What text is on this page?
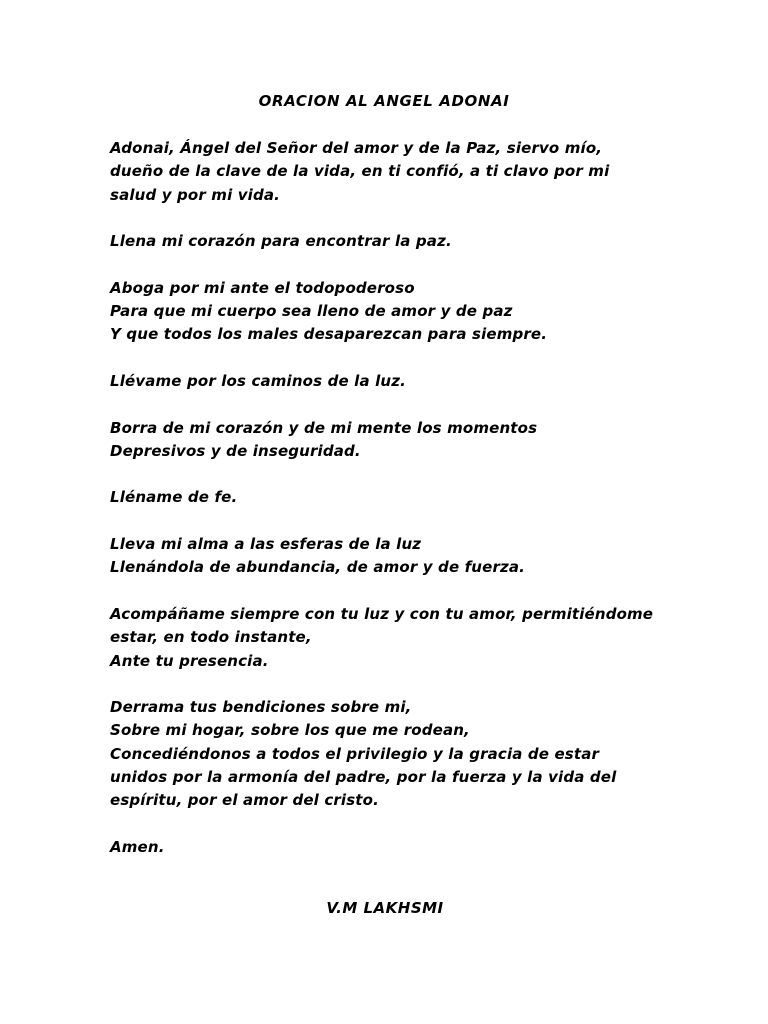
ORACION AL ANGEL ADONAI
Adonai, Ángel del Señor del amor y de la Paz, siervo mío,
dueño de la clave de la vida, en ti confió, a ti clavo por mi
salud y por mi vida.
Llena mi corazón para encontrar la paz.
Aboga por mi ante el todopoderoso
Para que mi cuerpo sea lleno de amor y de paz
Y que todos los males desaparezcan para siempre.
Llévame por los caminos de la luz.
Borra de mi corazón y de mi mente los momentos
Depresivos y de inseguridad.
Lléname de fe.
Lleva mi alma a las esferas de la luz
Llenándola de abundancia, de amor y de fuerza.
Acompáñame siempre con tu luz y con tu amor, permitiéndome
estar, en todo instante,
Ante tu presencia.
Derrama tus bendiciones sobre mi,
Sobre mi hogar, sobre los que me rodean,
Concediéndonos a todos el privilegio y la gracia de estar
unidos por la armonía del padre, por la fuerza y la vida del
espíritu, por el amor del cristo.
Amen.
V.M LAKHSMI
